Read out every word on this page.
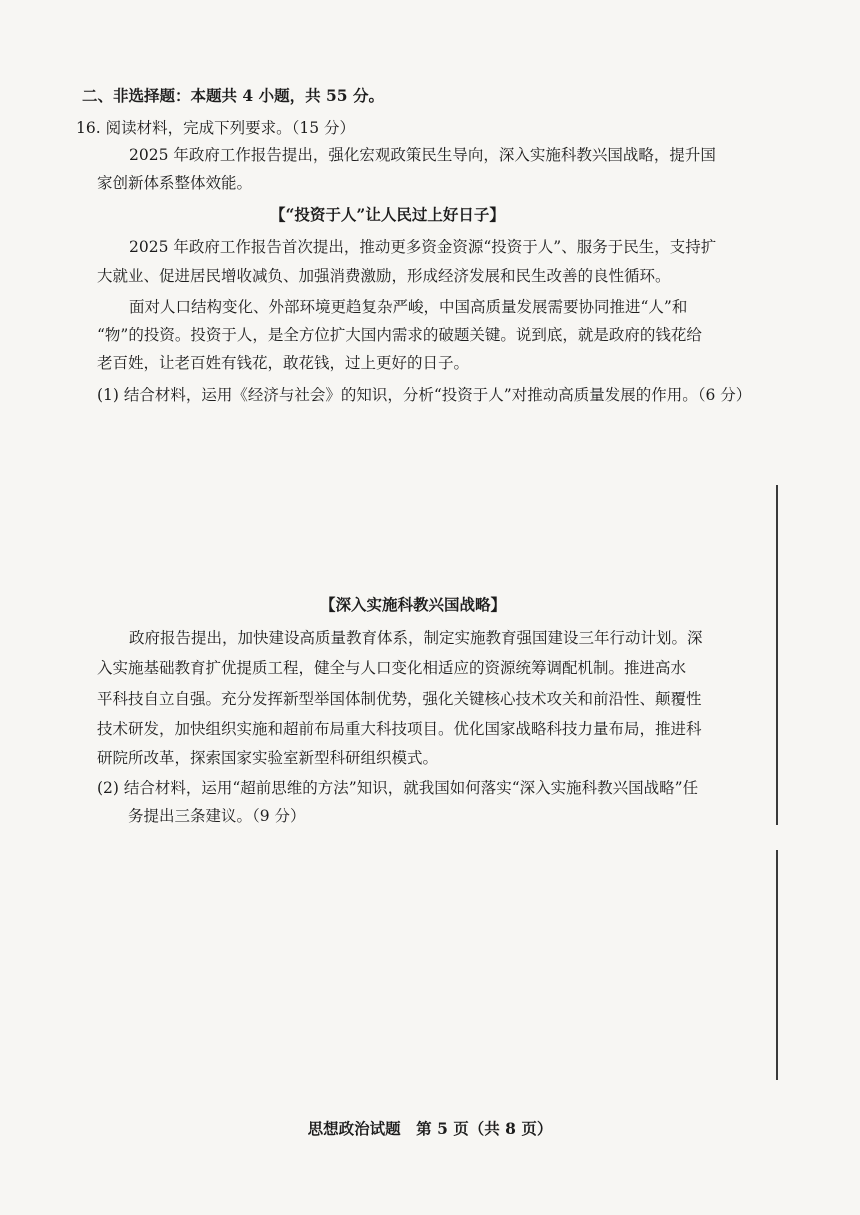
二、非选择题：本题共 4 小题，共 55 分。
16. 阅读材料，完成下列要求。（15 分）
2025 年政府工作报告提出，强化宏观政策民生导向，深入实施科教兴国战略，提升国
家创新体系整体效能。
【“投资于人”让人民过上好日子】
2025 年政府工作报告首次提出，推动更多资金资源“投资于人”、服务于民生，支持扩
大就业、促进居民增收减负、加强消费激励，形成经济发展和民生改善的良性循环。
面对人口结构变化、外部环境更趋复杂严峻，中国高质量发展需要协同推进“人”和
“物”的投资。投资于人，是全方位扩大国内需求的破题关键。说到底，就是政府的钱花给
老百姓，让老百姓有钱花，敢花钱，过上更好的日子。
(1) 结合材料，运用《经济与社会》的知识，分析“投资于人”对推动高质量发展的作用。（6 分）
【深入实施科教兴国战略】
政府报告提出，加快建设高质量教育体系，制定实施教育强国建设三年行动计划。深
入实施基础教育扩优提质工程，健全与人口变化相适应的资源统筹调配机制。推进高水
平科技自立自强。充分发挥新型举国体制优势，强化关键核心技术攻关和前沿性、颠覆性
技术研发，加快组织实施和超前布局重大科技项目。优化国家战略科技力量布局，推进科
研院所改革，探索国家实验室新型科研组织模式。
(2) 结合材料，运用“超前思维的方法”知识，就我国如何落实“深入实施科教兴国战略”任
务提出三条建议。（9 分）
思想政治试题　第 5 页（共 8 页）
